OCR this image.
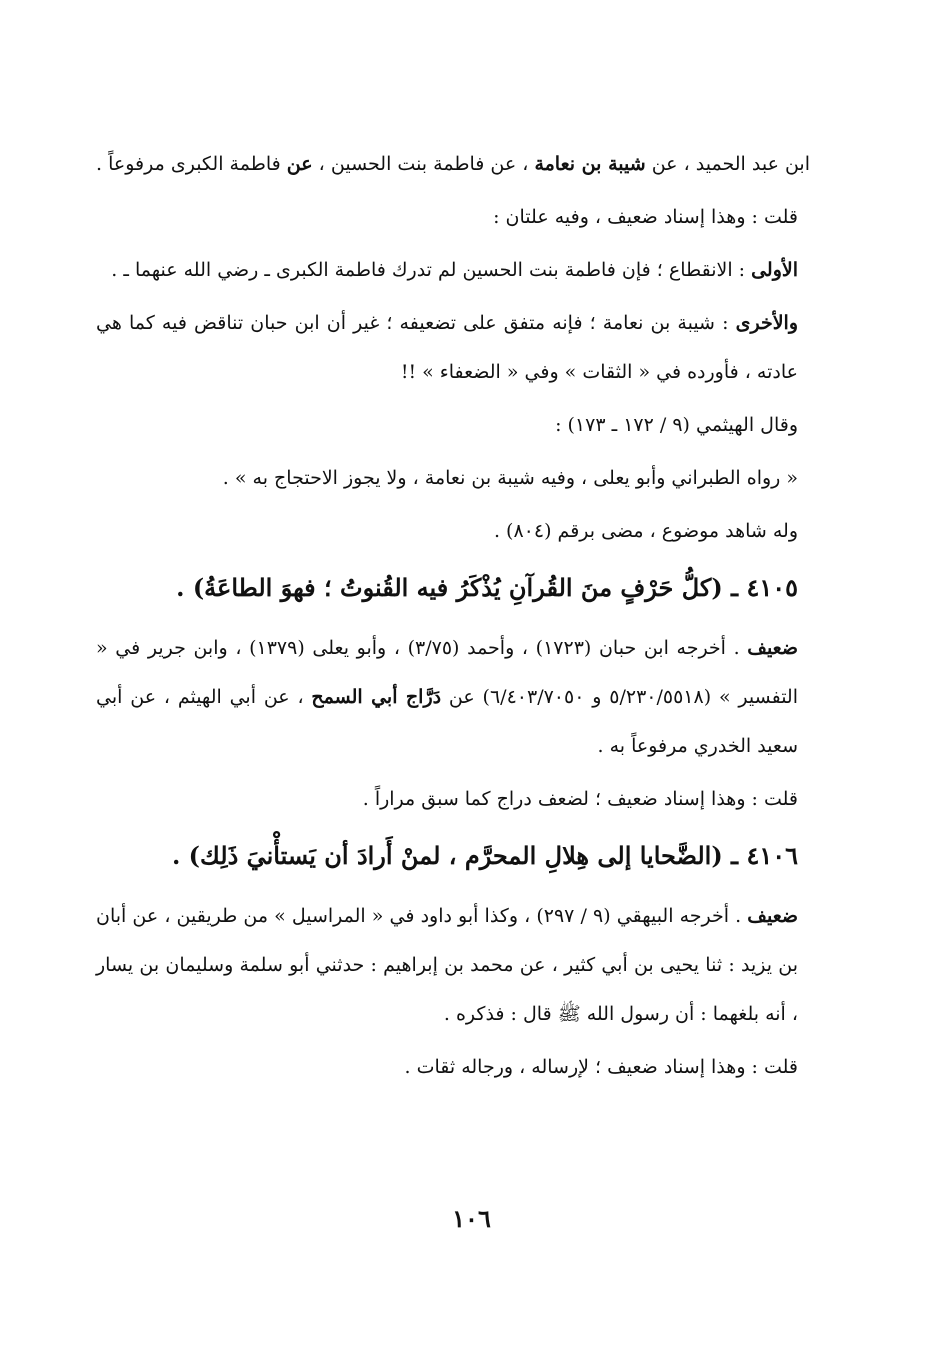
ابن عبد الحميد ، عن شيبة بن نعامة ، عن فاطمة بنت الحسين ، عن فاطمة الكبرى مرفوعاً .

قلت : وهذا إسناد ضعيف ، وفيه علتان :

الأولى : الانقطاع ؛ فإن فاطمة بنت الحسين لم تدرك فاطمة الكبرى ـ رضي الله عنهما ـ .

والأخرى : شيبة بن نعامة ؛ فإنه متفق على تضعيفه ؛ غير أن ابن حبان تناقض فيه كما هي عادته ، فأورده في « الثقات » وفي « الضعفاء » !!

وقال الهيثمي (٩ / ١٧٢ ـ ١٧٣) :

« رواه الطبراني وأبو يعلى ، وفيه شيبة بن نعامة ، ولا يجوز الاحتجاج به » .

وله شاهد موضوع ، مضى برقم (٨٠٤) .

٤١٠٥ ـ (كلُّ حَرْفٍ منَ القُرآنِ يُذْكَرُ فيه القُنوتُ ؛ فهوَ الطاعَةُ) .

ضعيف . أخرجه ابن حبان (١٧٢٣) ، وأحمد (٣/٧٥) ، وأبو يعلى (١٣٧٩) ، وابن جرير في « التفسير » (٥/٢٣٠/٥٥١٨ و ٦/٤٠٣/٧٠٥٠) عن دَرَّاج أبي السمح ، عن أبي الهيثم ، عن أبي سعيد الخدري مرفوعاً به .

قلت : وهذا إسناد ضعيف ؛ لضعف دراج كما سبق مراراً .

٤١٠٦ ـ (الضَّحايا إلى هِلالِ المحرَّم ، لمنْ أَرادَ أن يَستأْنيَ ذَلِك) .

ضعيف . أخرجه البيهقي (٩ / ٢٩٧) ، وكذا أبو داود في « المراسيل » من طريقين ، عن أبان بن يزيد : ثنا يحيى بن أبي كثير ، عن محمد بن إبراهيم : حدثني أبو سلمة وسليمان بن يسار ، أنه بلغهما : أن رسول الله ﷺ قال : فذكره .

قلت : وهذا إسناد ضعيف ؛ لإرساله ، ورجاله ثقات .

١٠٦
